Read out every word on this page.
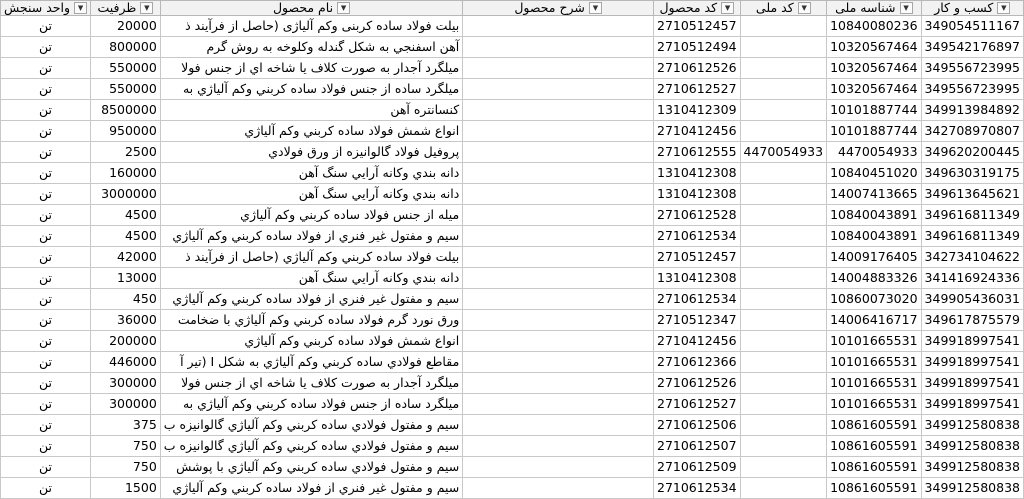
واحد سنجش ▼	ظرفیت ▼	نام محصول ▼	شرح محصول ▼	کد محصول ▼	کد ملی ▼	شناسه ملی ▼	کسب و کار ▼

تن	20000	بیلت فولاد ساده کربنی وکم آلیاژی (حاصل از فرآیند ذ		2710512457		10840080236	349054511167
تن	800000	آهن اسفنجي به شکل گندله وکلوخه به روش گرم		2710512494		10320567464	349542176897
تن	550000	ميلگرد آجدار به صورت کلاف یا شاخه اي از جنس فولا		2710612526		10320567464	349556723995
تن	550000	ميلگرد ساده از جنس فولاد ساده کربني وکم آلیاژي به		2710612527		10320567464	349556723995
تن	8500000	کنسانتره آهن		1310412309		10101887744	349913984892
تن	950000	انواع شمش فولاد ساده کربني وکم آلیاژي		2710412456		10101887744	342708970807
تن	2500	پروفيل فولاد گالوانيزه از ورق فولادي		2710612555	4470054933	4470054933	349620200445
تن	160000	دانه بندي وکانه آرایي سنگ آهن		1310412308		10840451020	349630319175
تن	3000000	دانه بندي وکانه آرایي سنگ آهن		1310412308		14007413665	349613645621
تن	4500	ميله از جنس فولاد ساده کربني وکم آلیاژي		2710612528		10840043891	349616811349
تن	4500	سيم و مفتول غير فنري از فولاد ساده کربني وکم آلیاژي		2710612534		10840043891	349616811349
تن	42000	بيلت فولاد ساده کربني وکم آلیاژي (حاصل از فرآیند ذ		2710512457		14009176405	342734104622
تن	13000	دانه بندي وکانه آرایي سنگ آهن		1310412308		14004883326	341416924336
تن	450	سيم و مفتول غير فنري از فولاد ساده کربني وکم آلیاژي		2710612534		10860073020	349905436031
تن	36000	ورق نورد گرم فولاد ساده کربني وکم آلیاژي با ضخامت		2710512347		14006416717	349617875579
تن	200000	انواع شمش فولاد ساده کربني وکم آلیاژي		2710412456		10101665531	349918997541
تن	446000	مقاطع فولادي ساده کربني وکم آلیاژي به شکل I (تير آ		2710612366		10101665531	349918997541
تن	300000	ميلگرد آجدار به صورت کلاف یا شاخه اي از جنس فولا		2710612526		10101665531	349918997541
تن	300000	ميلگرد ساده از جنس فولاد ساده کربني وکم آلیاژي به		2710612527		10101665531	349918997541
تن	375	سيم و مفتول فولادي ساده کربني وکم آلیاژي گالوانيزه ب		2710612506		10861605591	349912580838
تن	750	سيم و مفتول فولادي ساده کربني وکم آلیاژي گالوانيزه ب		2710612507		10861605591	349912580838
تن	750	سيم و مفتول فولادي ساده کربني وکم آلیاژي با پوشش		2710612509		10861605591	349912580838
تن	1500	سيم و مفتول غير فنري از فولاد ساده کربني وکم آلیاژي		2710612534		10861605591	349912580838
